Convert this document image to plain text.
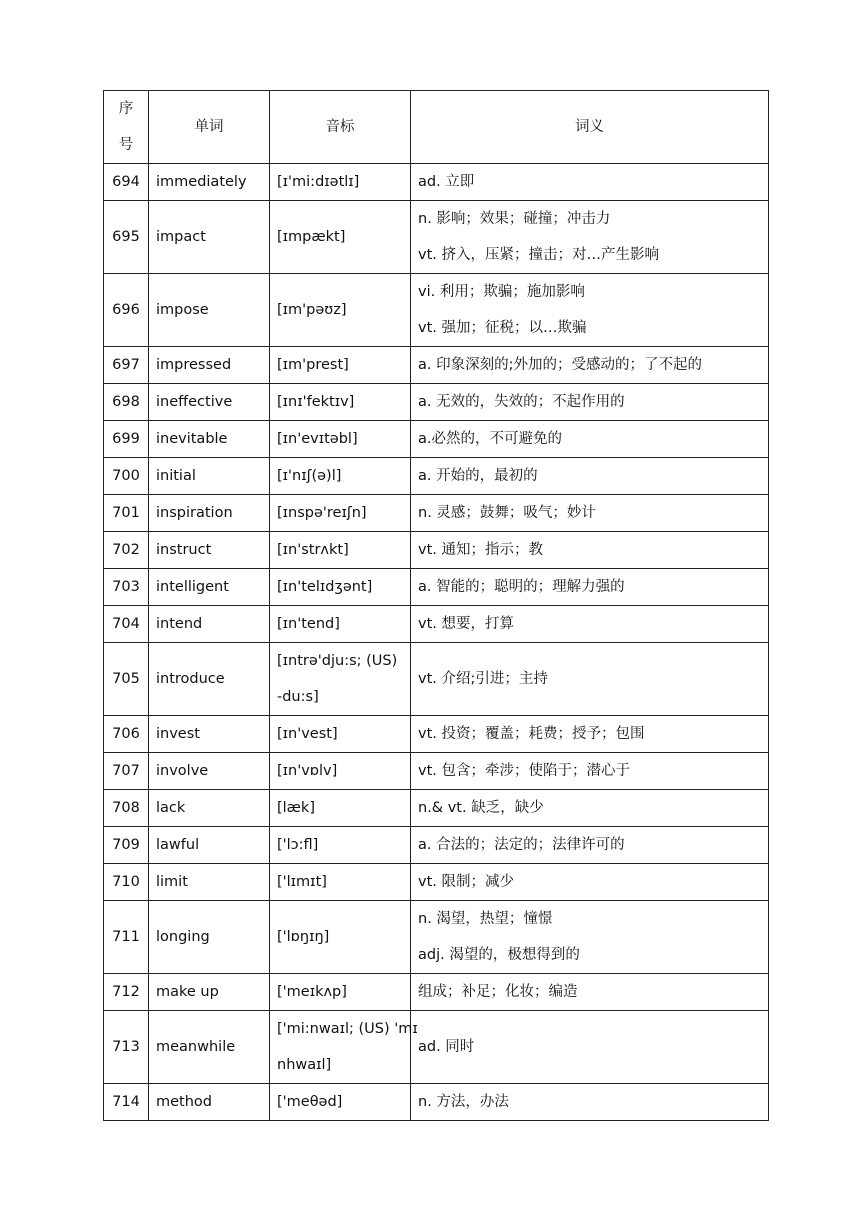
序
号	单词	音标	词义
694	immediately	[ɪ'mi:dɪətlɪ]	ad. 立即

695	impact	[ɪmpækt]	n. 影响；效果；碰撞；冲击力
vt. 挤入，压紧；撞击；对…产生影响

696	impose	[ɪm'pəʊz]	vi. 利用；欺骗；施加影响
vt. 强加；征税；以…欺骗

697	impressed	[ɪm'prest]	a. 印象深刻的;外加的；受感动的；了不起的

698	ineffective	[ɪnɪ'fektɪv]	a. 无效的，失效的；不起作用的

699	inevitable	[ɪn'evɪtəbl]	a.必然的，不可避免的

700	initial	[ɪ'nɪʃ(ə)l]	a. 开始的，最初的

701	inspiration	[ɪnspə'reɪʃn]	n. 灵感；鼓舞；吸气；妙计

702	instruct	[ɪn'strʌkt]	vt. 通知；指示；教

703	intelligent	[ɪn'telɪdʒənt]	a. 智能的；聪明的；理解力强的

704	intend	[ɪn'tend]	vt. 想要，打算

705	introduce	[ɪntrə'dju:s; (US)
-du:s]	vt. 介绍;引进；主持

706	invest	[ɪn'vest]	vt. 投资；覆盖；耗费；授予；包围

707	involve	[ɪn'vɒlv]	vt. 包含；牵涉；使陷于；潜心于

708	lack	[læk]	n.& vt. 缺乏，缺少

709	lawful	['lɔ:fl]	a. 合法的；法定的；法律许可的

710	limit	['lɪmɪt]	vt. 限制；减少

711	longing	['lɒŋɪŋ]	n. 渴望，热望；憧憬
adj. 渴望的，极想得到的

712	make up	['meɪkʌp]	组成；补足；化妆；编造

713	meanwhile	['mi:nwaɪl; (US) 'mɪ
nhwaɪl]	ad. 同时

714	method	['meθəd]	n. 方法，办法
